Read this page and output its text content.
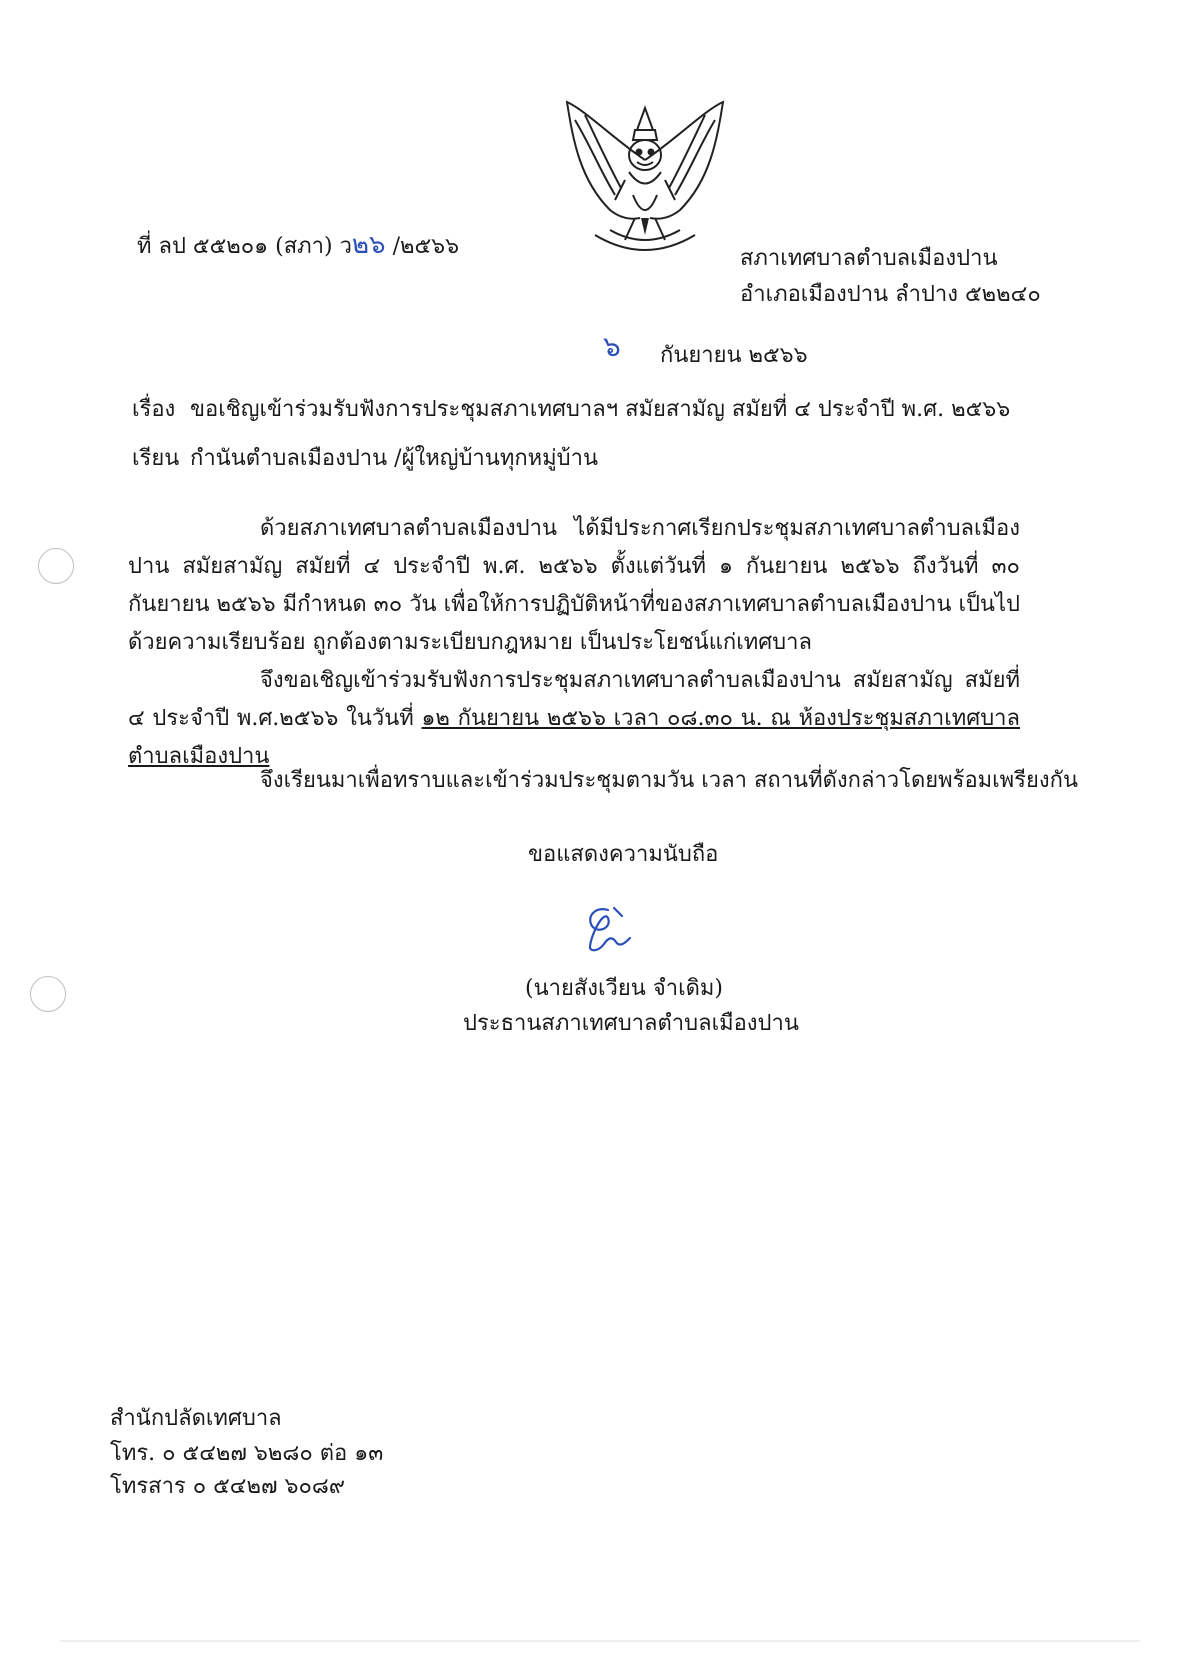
ที่ ลป ๕๕๒๐๑ (สภา) ว๒๖ /๒๕๖๖	สภาเทศบาลตำบลเมืองปาน
อำเภอเมืองปาน ลำปาง ๕๒๒๔๐
๖ กันยายน ๒๕๖๖
เรื่อง ขอเชิญเข้าร่วมรับฟังการประชุมสภาเทศบาลฯ สมัยสามัญ สมัยที่ ๔ ประจำปี พ.ศ. ๒๕๖๖
เรียน กำนันตำบลเมืองปาน /ผู้ใหญ่บ้านทุกหมู่บ้าน
ด้วยสภาเทศบาลตำบลเมืองปาน ได้มีประกาศเรียกประชุมสภาเทศบาลตำบลเมืองปาน สมัยสามัญ สมัยที่ ๔ ประจำปี พ.ศ. ๒๕๖๖ ตั้งแต่วันที่ ๑ กันยายน ๒๕๖๖ ถึงวันที่ ๓๐ กันยายน ๒๕๖๖ มีกำหนด ๓๐ วัน เพื่อให้การปฏิบัติหน้าที่ของสภาเทศบาลตำบลเมืองปาน เป็นไปด้วยความเรียบร้อย ถูกต้องตามระเบียบกฎหมาย เป็นประโยชน์แก่เทศบาล
จึงขอเชิญเข้าร่วมรับฟังการประชุมสภาเทศบาลตำบลเมืองปาน สมัยสามัญ สมัยที่ ๔ ประจำปี พ.ศ.๒๕๖๖ ในวันที่ ๑๒ กันยายน ๒๕๖๖ เวลา ๐๘.๓๐ น. ณ ห้องประชุมสภาเทศบาลตำบลเมืองปาน
จึงเรียนมาเพื่อทราบและเข้าร่วมประชุมตามวัน เวลา สถานที่ดังกล่าวโดยพร้อมเพรียงกัน
ขอแสดงความนับถือ
(นายสังเวียน จำเดิม)
ประธานสภาเทศบาลตำบลเมืองปาน
สำนักปลัดเทศบาล
โทร. ๐ ๕๔๒๗ ๖๒๘๐ ต่อ ๑๓
โทรสาร ๐ ๕๔๒๗ ๖๐๘๙
